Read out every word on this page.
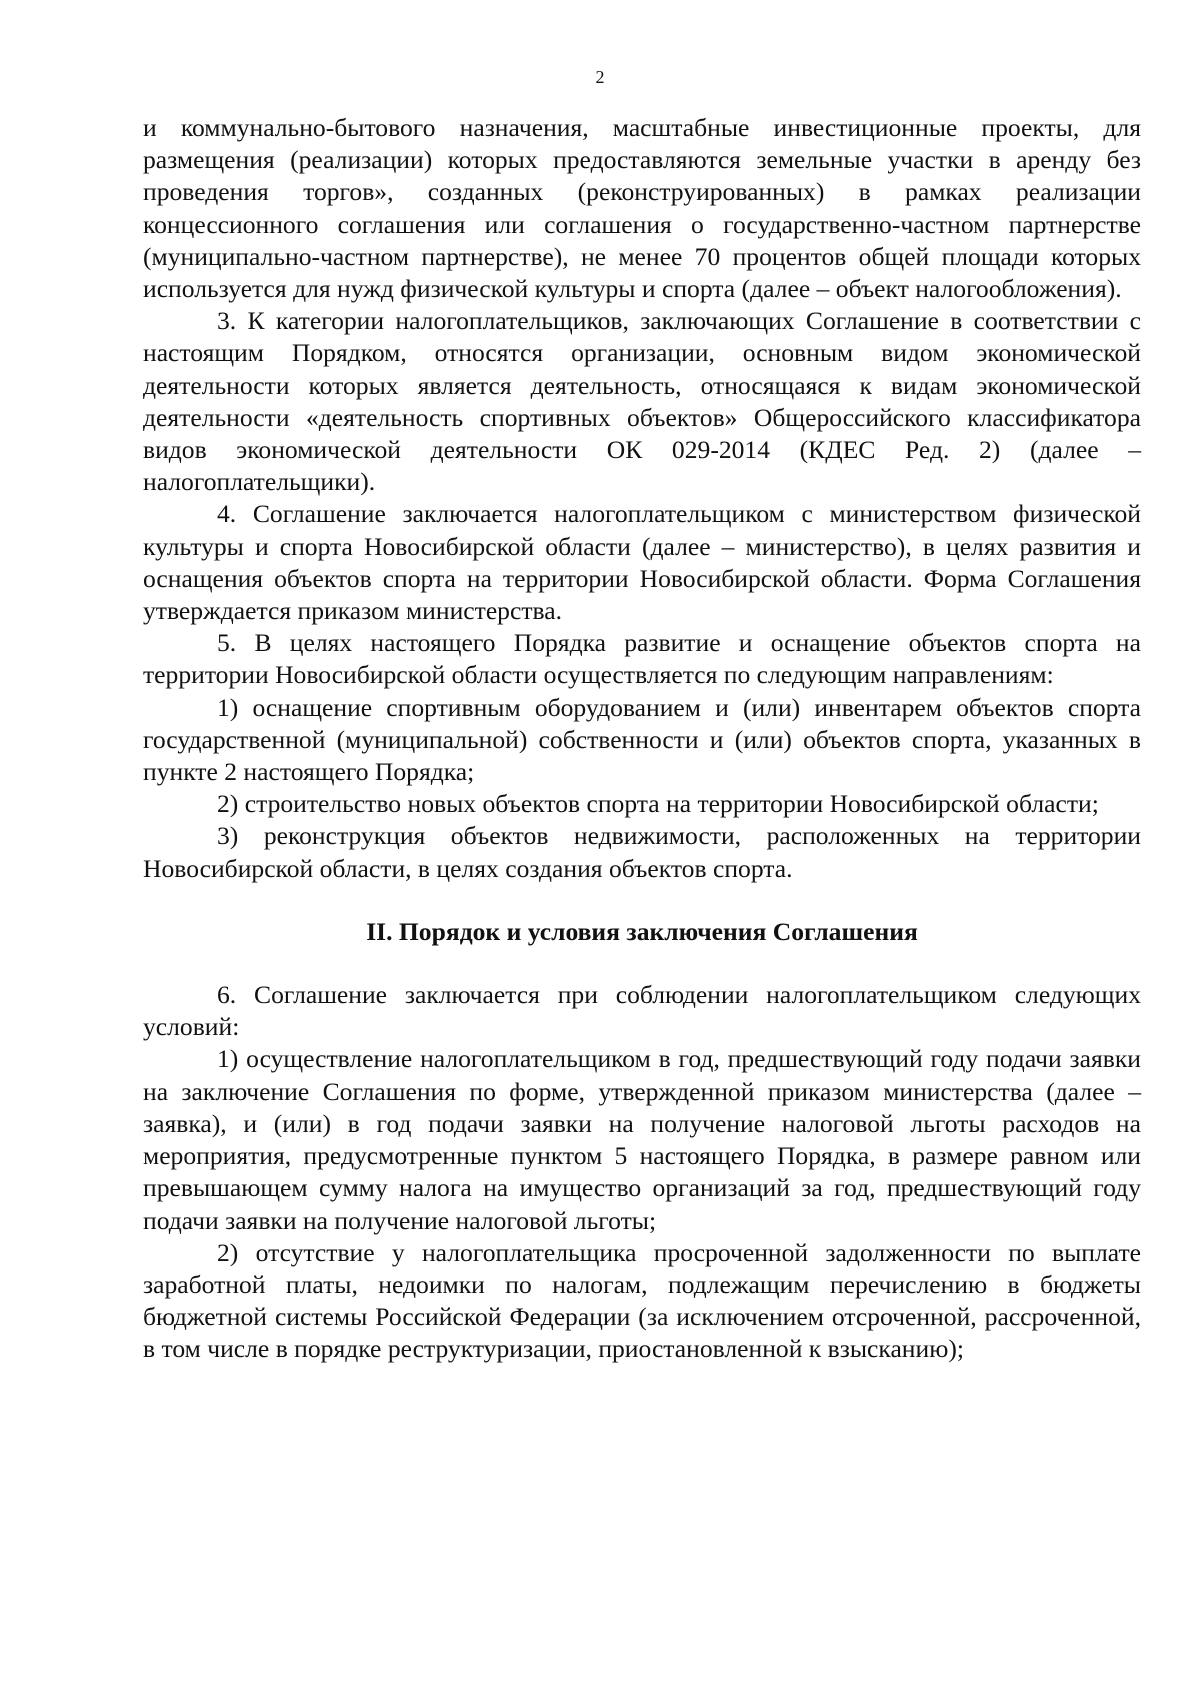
2

и коммунально-бытового назначения, масштабные инвестиционные проекты, для размещения (реализации) которых предоставляются земельные участки в аренду без проведения торгов», созданных (реконструированных) в рамках реализации концессионного соглашения или соглашения о государственно-частном партнерстве (муниципально-частном партнерстве), не менее 70 процентов общей площади которых используется для нужд физической культуры и спорта (далее – объект налогообложения).

3. К категории налогоплательщиков, заключающих Соглашение в соответствии с настоящим Порядком, относятся организации, основным видом экономической деятельности которых является деятельность, относящаяся к видам экономической деятельности «деятельность спортивных объектов» Общероссийского классификатора видов экономической деятельности ОК 029-2014 (КДЕС Ред. 2) (далее – налогоплательщики).

4. Соглашение заключается налогоплательщиком с министерством физической культуры и спорта Новосибирской области (далее – министерство), в целях развития и оснащения объектов спорта на территории Новосибирской области. Форма Соглашения утверждается приказом министерства.

5. В целях настоящего Порядка развитие и оснащение объектов спорта на территории Новосибирской области осуществляется по следующим направлениям:

1) оснащение спортивным оборудованием и (или) инвентарем объектов спорта государственной (муниципальной) собственности и (или) объектов спорта, указанных в пункте 2 настоящего Порядка;

2) строительство новых объектов спорта на территории Новосибирской области;

3) реконструкция объектов недвижимости, расположенных на территории Новосибирской области, в целях создания объектов спорта.

II. Порядок и условия заключения Соглашения

6. Соглашение заключается при соблюдении налогоплательщиком следующих условий:

1) осуществление налогоплательщиком в год, предшествующий году подачи заявки на заключение Соглашения по форме, утвержденной приказом министерства (далее – заявка), и (или) в год подачи заявки на получение налоговой льготы расходов на мероприятия, предусмотренные пунктом 5 настоящего Порядка, в размере равном или превышающем сумму налога на имущество организаций за год, предшествующий году подачи заявки на получение налоговой льготы;

2) отсутствие у налогоплательщика просроченной задолженности по выплате заработной платы, недоимки по налогам, подлежащим перечислению в бюджеты бюджетной системы Российской Федерации (за исключением отсроченной, рассроченной, в том числе в порядке реструктуризации, приостановленной к взысканию);
